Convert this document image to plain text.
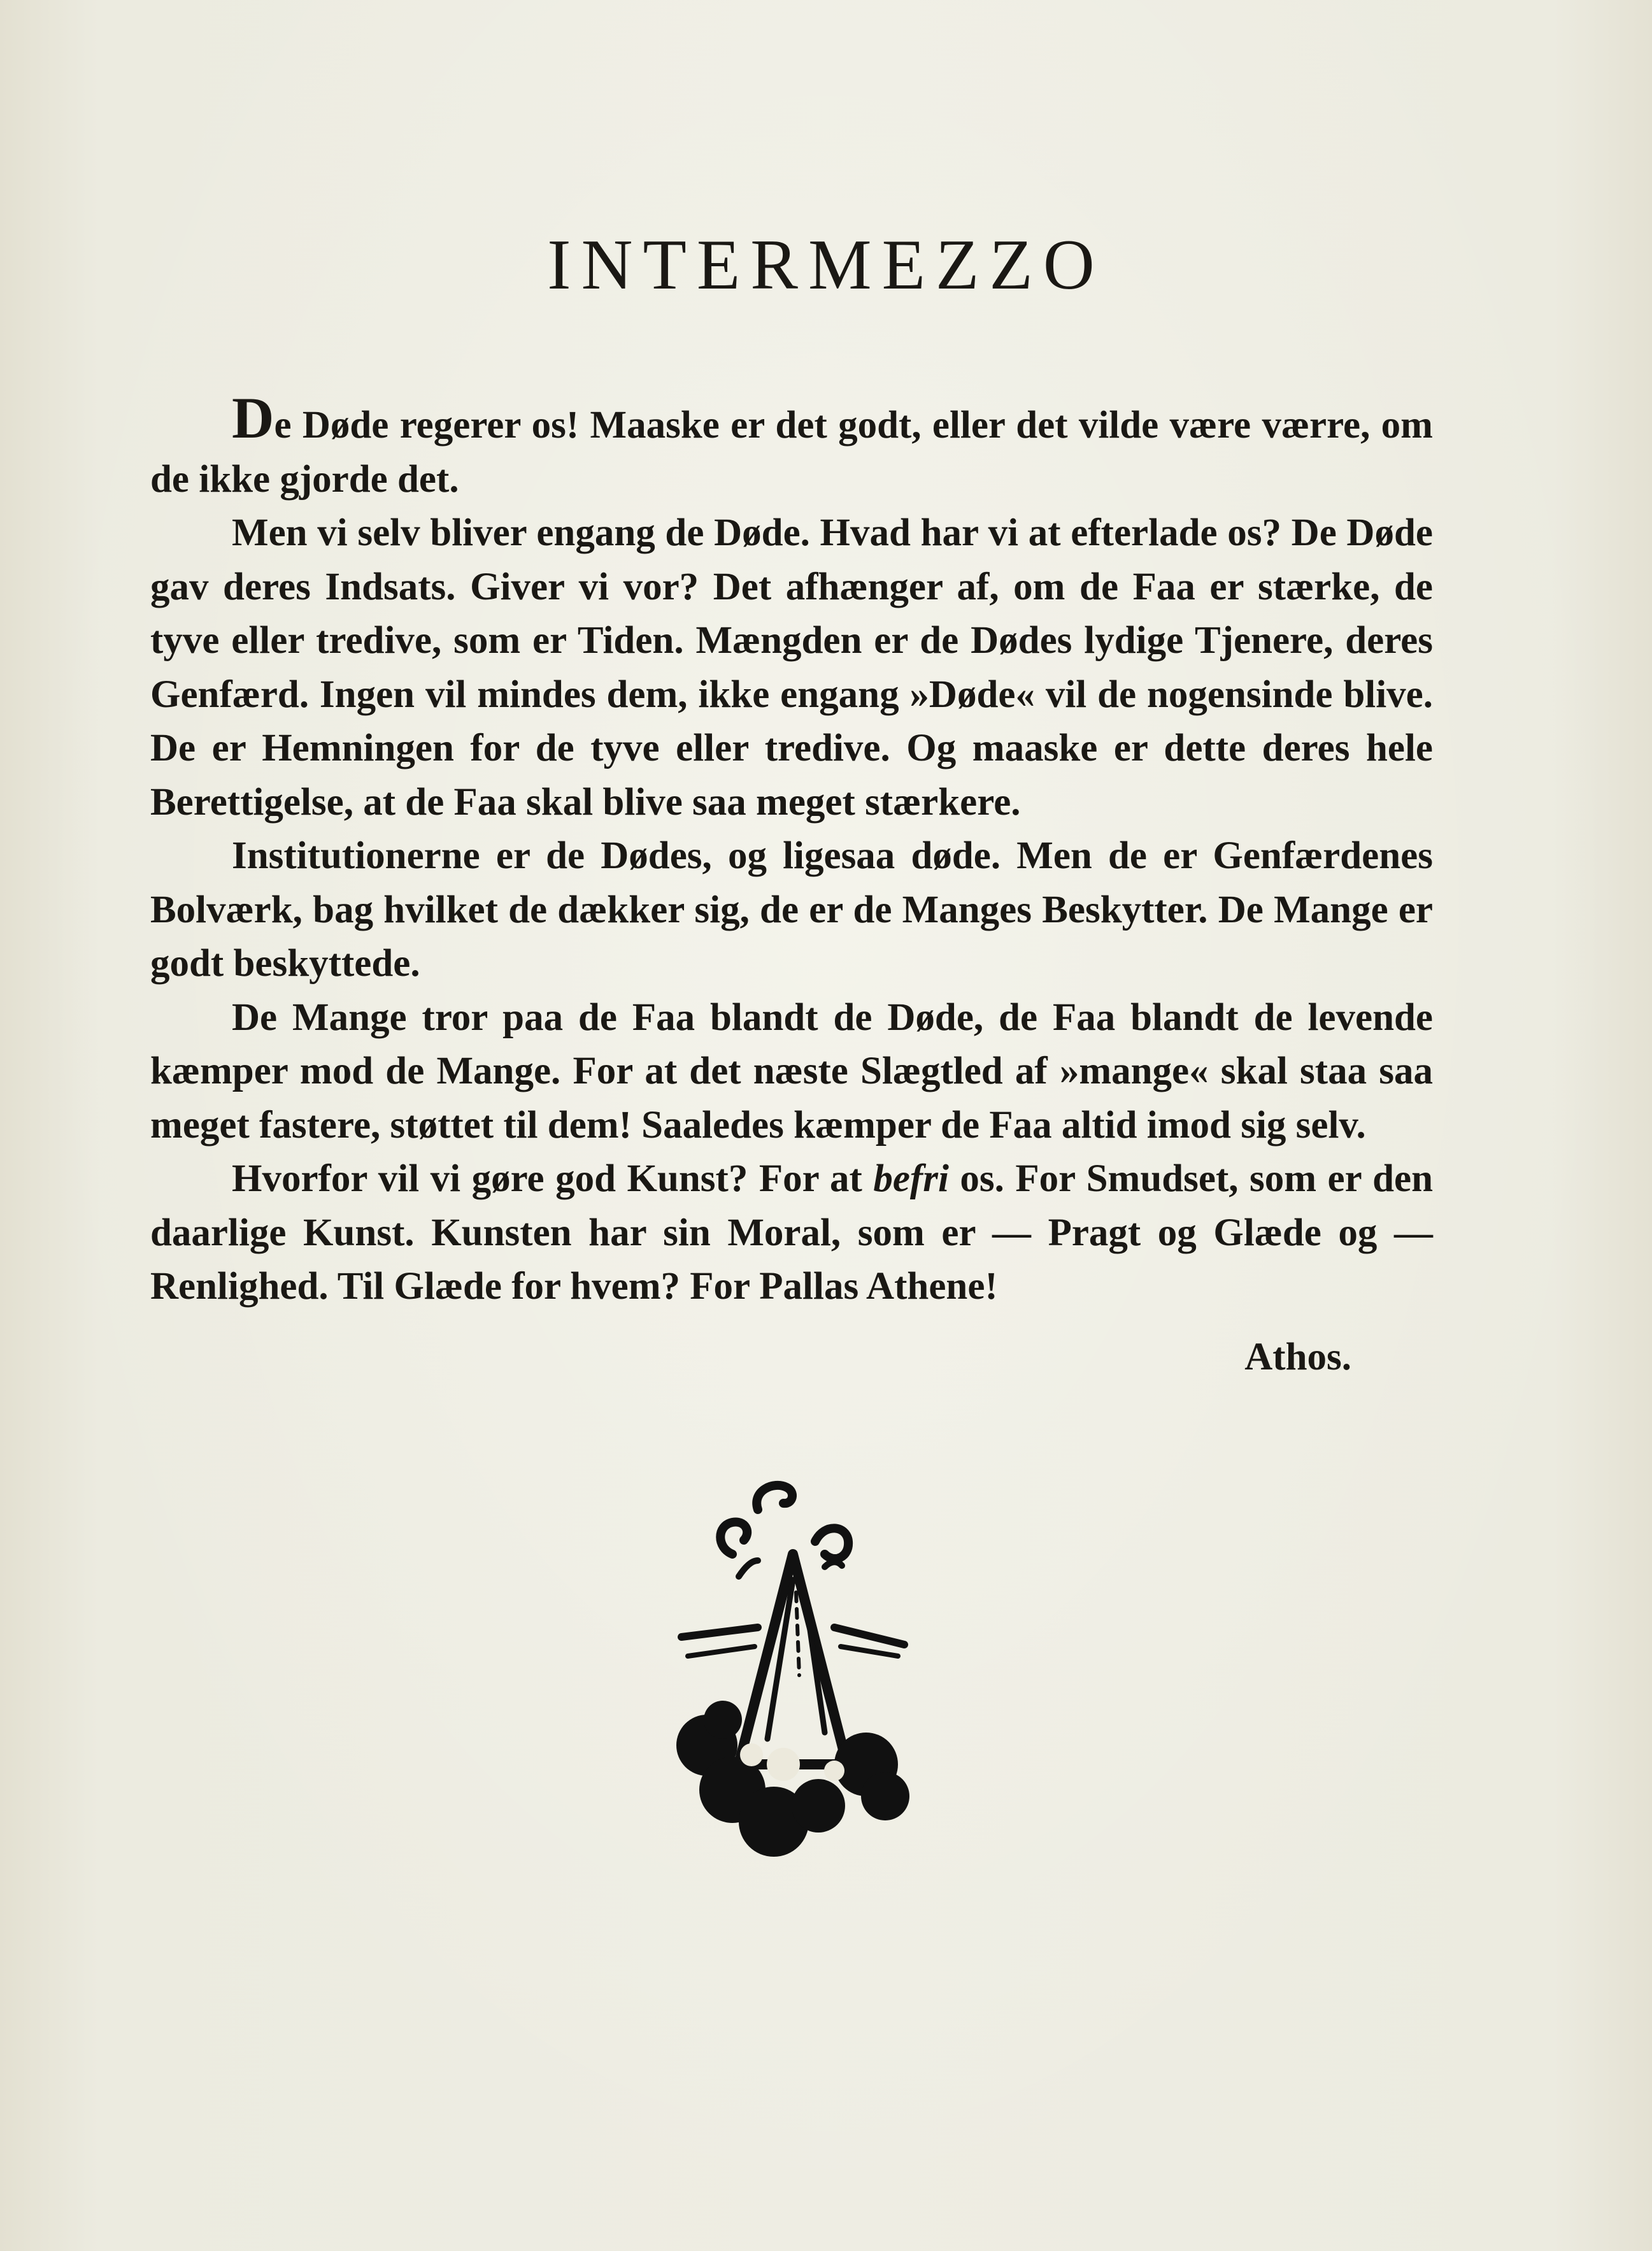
INTERMEZZO

De Døde regerer os! Maaske er det godt, eller det vilde være værre, om de ikke gjorde det.

Men vi selv bliver engang de Døde. Hvad har vi at efterlade os? De Døde gav deres Indsats. Giver vi vor? Det afhænger af, om de Faa er stærke, de tyve eller tredive, som er Tiden. Mængden er de Dødes lydige Tjenere, deres Genfærd. Ingen vil mindes dem, ikke engang »Døde« vil de nogensinde blive. De er Hemningen for de tyve eller tredive. Og maaske er dette deres hele Berettigelse, at de Faa skal blive saa meget stærkere.

Institutionerne er de Dødes, og ligesaa døde. Men de er Genfærdenes Bolværk, bag hvilket de dækker sig, de er de Manges Beskytter. De Mange er godt beskyttede.

De Mange tror paa de Faa blandt de Døde, de Faa blandt de levende kæmper mod de Mange. For at det næste Slægtled af »mange« skal staa saa meget fastere, støttet til dem! Saaledes kæmper de Faa altid imod sig selv.

Hvorfor vil vi gøre god Kunst? For at befri os. For Smudset, som er den daarlige Kunst. Kunsten har sin Moral, som er — Pragt og Glæde og — Renlighed. Til Glæde for hvem? For Pallas Athene!

Athos.
